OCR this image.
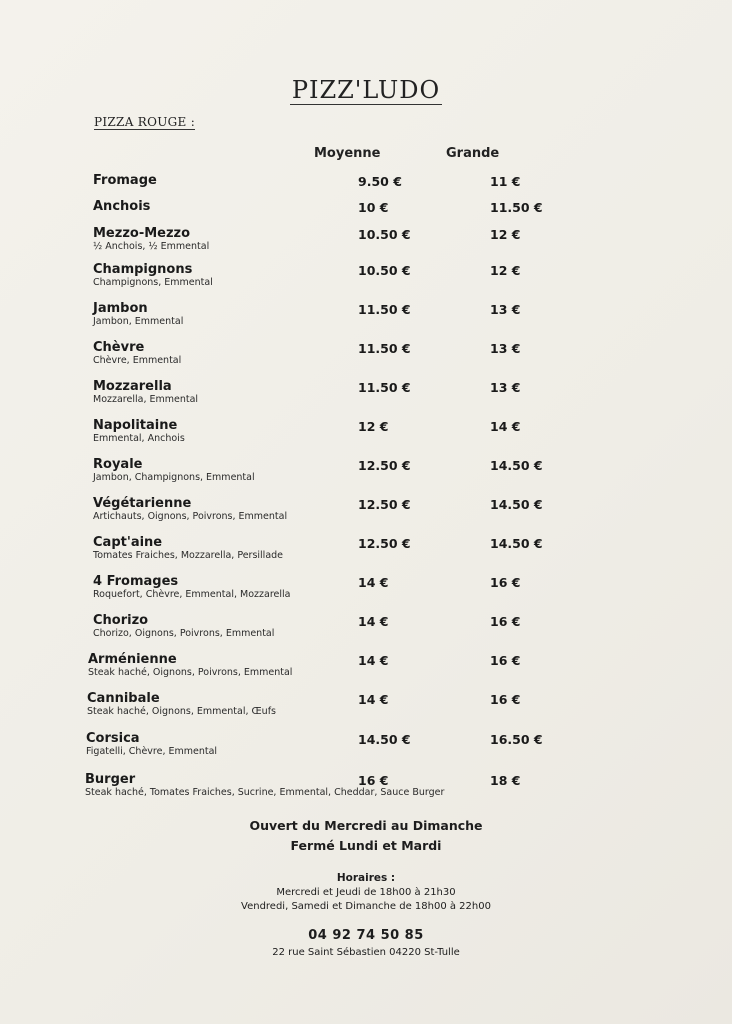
PIZZ'LUDO
PIZZA ROUGE :
Moyenne	Grande
Fromage	9.50 €	11 €
Anchois	10 €	11.50 €
Mezzo-Mezzo
½ Anchois, ½ Emmental
10.50 €	12 €
Champignons
Champignons, Emmental
10.50 €	12 €
Jambon
Jambon, Emmental
11.50 €	13 €
Chèvre
Chèvre, Emmental
11.50 €	13 €
Mozzarella
Mozzarella, Emmental
11.50 €	13 €
Napolitaine
Emmental, Anchois
12 €	14 €
Royale
Jambon, Champignons, Emmental
12.50 €	14.50 €
Végétarienne
Artichauts, Oignons, Poivrons, Emmental
12.50 €	14.50 €
Capt'aine
Tomates Fraiches, Mozzarella, Persillade
12.50 €	14.50 €
4 Fromages
Roquefort, Chèvre, Emmental, Mozzarella
14 €	16 €
Chorizo
Chorizo, Oignons, Poivrons, Emmental
14 €	16 €
Arménienne
Steak haché, Oignons, Poivrons, Emmental
14 €	16 €
Cannibale
Steak haché, Oignons, Emmental, Œufs
14 €	16 €
Corsica
Figatelli, Chèvre, Emmental
14.50 €	16.50 €
Burger
Steak haché, Tomates Fraiches, Sucrine, Emmental, Cheddar, Sauce Burger
16 €	18 €
Ouvert du Mercredi au Dimanche
Fermé Lundi et Mardi
Horaires :
Mercredi et Jeudi de 18h00 à 21h30
Vendredi, Samedi et Dimanche de 18h00 à 22h00
04 92 74 50 85
22 rue Saint Sébastien 04220 St-Tulle
